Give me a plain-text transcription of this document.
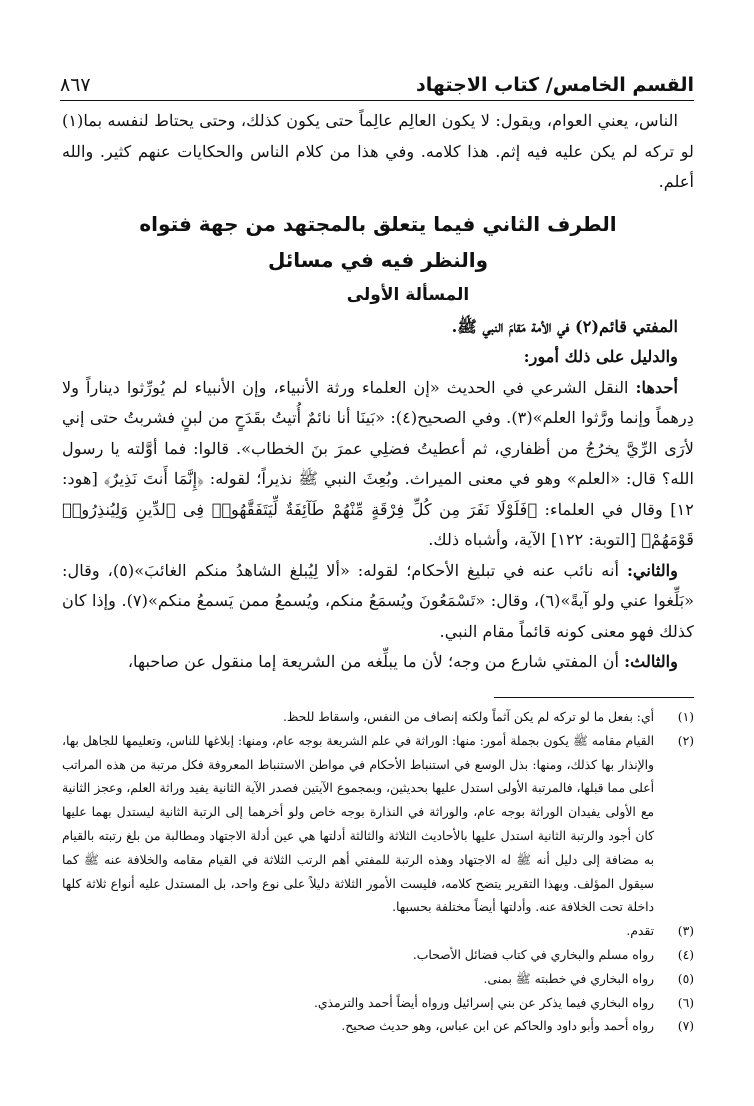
القسم الخامس/ كتاب الاجتهاد
٨٦٧

الناس، يعني العوام، ويقول: لا يكون العالِم عالِماً حتى يكون كذلك، وحتى يحتاط لنفسه بما(١) لو تركه لم يكن عليه فيه إثم. هذا كلامه. وفي هذا من كلام الناس والحكايات عنهم كثير. والله أعلم.

الطرف الثاني فيما يتعلق بالمجتهد من جهة فتواه
والنظر فيه في مسائل
المسألة الأولى

المفتي قائم(٢) في الأمة مَقامَ النبي ﷺ.

والدليل على ذلك أمور:

أحدها: النقل الشرعي في الحديث «إن العلماء ورثة الأنبياء، وإن الأنبياء لم يُورِّثوا ديناراً ولا دِرهماً وإنما ورَّثوا العلم»(٣). وفي الصحيح(٤): «بَينَا أنا نائمٌ أُتيتُ بقَدَحٍ من لبنٍ فشربتُ حتى إني لأرَى الرِّيَّ يخرُجُ من أظفاري، ثم أعطيتُ فضلِي عمرَ بنَ الخطاب». قالوا: فما أوَّلته يا رسول الله؟ قال: «العلم» وهو في معنى الميراث. وبُعِثَ النبي ﷺ نذيراً؛ لقوله: ﴿إِنَّمَا أَنتَ نَذِيرٌ﴾ [هود: ١٢] وقال في العلماء: ﴿فَلَوْلَا نَفَرَ مِن كُلِّ فِرْقَةٍ مِّنْهُمْ طَآئِفَةٌ لِّيَتَفَقَّهُوا۟ فِى ٱلدِّينِ وَلِيُنذِرُوا۟ قَوْمَهُمْ﴾ [التوبة: ١٢٢] الآية، وأشباه ذلك.

والثاني: أنه نائب عنه في تبليغ الأحكام؛ لقوله: «ألا لِيُبلغ الشاهدُ منكم الغائبَ»(٥)، وقال: «بَلِّغوا عني ولو آيةً»(٦)، وقال: «تَسْمَعُونَ ويُسمَعُ منكم، ويُسمعُ ممن يَسمعُ منكم»(٧). وإذا كان كذلك فهو معنى كونه قائماً مقام النبي.

والثالث: أن المفتي شارع من وجه؛ لأن ما يبلِّغه من الشريعة إما منقول عن صاحبها،

(١)
أي: بفعل ما لو تركه لم يكن آثماً ولكنه إنصاف من النفس، واسقاط للحظ.
(٢)
القيام مقامه ﷺ يكون بجملة أمور: منها: الوراثة في علم الشريعة بوجه عام، ومنها: إبلاغها للناس، وتعليمها للجاهل بها، والإنذار بها كذلك، ومنها: بذل الوسع في استنباط الأحكام في مواطن الاستنباط المعروفة فكل مرتبة من هذه المراتب أعلى مما قبلها، فالمرتبة الأولى استدل عليها بحديثين، وبمجموع الآيتين فصدر الآية الثانية يفيد وراثة العلم، وعجز الثانية مع الأولى يفيدان الوراثة بوجه عام، والوراثة في النذارة بوجه خاص ولو أخرهما إلى الرتبة الثانية ليستدل بهما عليها كان أجود والرتبة الثانية استدل عليها بالأحاديث الثلاثة والثالثة أدلتها هي عين أدلة الاجتهاد ومطالبة من بلغ رتبته بالقيام به مضافة إلى دليل أنه ﷺ له الاجتهاد وهذه الرتبة للمفتي أهم الرتب الثلاثة في القيام مقامه والخلافة عنه ﷺ كما سيقول المؤلف. وبهذا التقرير يتضح كلامه، فليست الأمور الثلاثة دليلاً على نوع واحد، بل المستدل عليه أنواع ثلاثة كلها داخلة تحت الخلافة عنه. وأدلتها أيضاً مختلفة بحسبها.
(٣)
تقدم.
(٤)
رواه مسلم والبخاري في كتاب فضائل الأصحاب.
(٥)
رواه البخاري في خطبته ﷺ بمنى.
(٦)
رواه البخاري فيما يذكر عن بني إسرائيل ورواه أيضاً أحمد والترمذي.
(٧)
رواه أحمد وأبو داود والحاكم عن ابن عباس، وهو حديث صحيح.
